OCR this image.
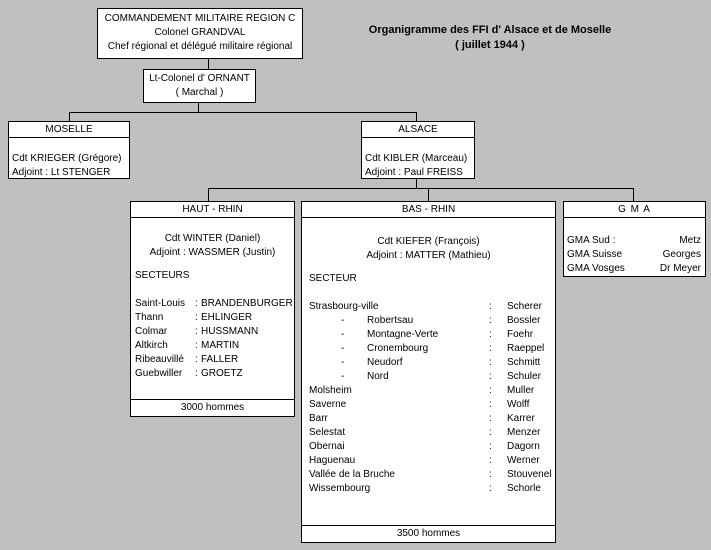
Organigramme des FFI d' Alsace et de Moselle
( juillet 1944 )
COMMANDEMENT MILITAIRE REGION C
Colonel GRANDVAL
Chef régional et délégué militaire régional
Lt-Colonel d' ORNANT
( Marchal )
MOSELLE
Cdt KRIEGER (Grégore)
Adjoint : Lt STENGER
ALSACE
Cdt KIBLER (Marceau)
Adjoint : Paul FREISS
HAUT - RHIN
Cdt WINTER (Daniel)
Adjoint : WASSMER (Justin)
SECTEURS
Saint-Louis : BRANDENBURGER
Thann	: EHLINGER
Colmar	: HUSSMANN
Altkirch	: MARTIN
Ribeauvillé : FALLER
Guebwiller : GROETZ
3000 hommes
BAS - RHIN
Cdt KIEFER (François)
Adjoint : MATTER (Mathieu)
SECTEUR
Strasbourg-ville	: Scherer
- Robertsau	: Bossler
- Montagne-Verte	: Foehr
- Cronembourg	: Raeppel
- Neudorf	: Schmitt
- Nord	: Schuler
Molsheim	: Muller
Saverne	: Wolff
Barr	: Karrer
Selestat	: Menzer
Obernai	: Dagorn
Haguenau	: Werner
Vallée de la Bruche	: Stouvenel
Wissembourg	: Schorle
3500 hommes
G M A
GMA Sud :	Metz
GMA Suisse	Georges
GMA Vosges	Dr Meyer
